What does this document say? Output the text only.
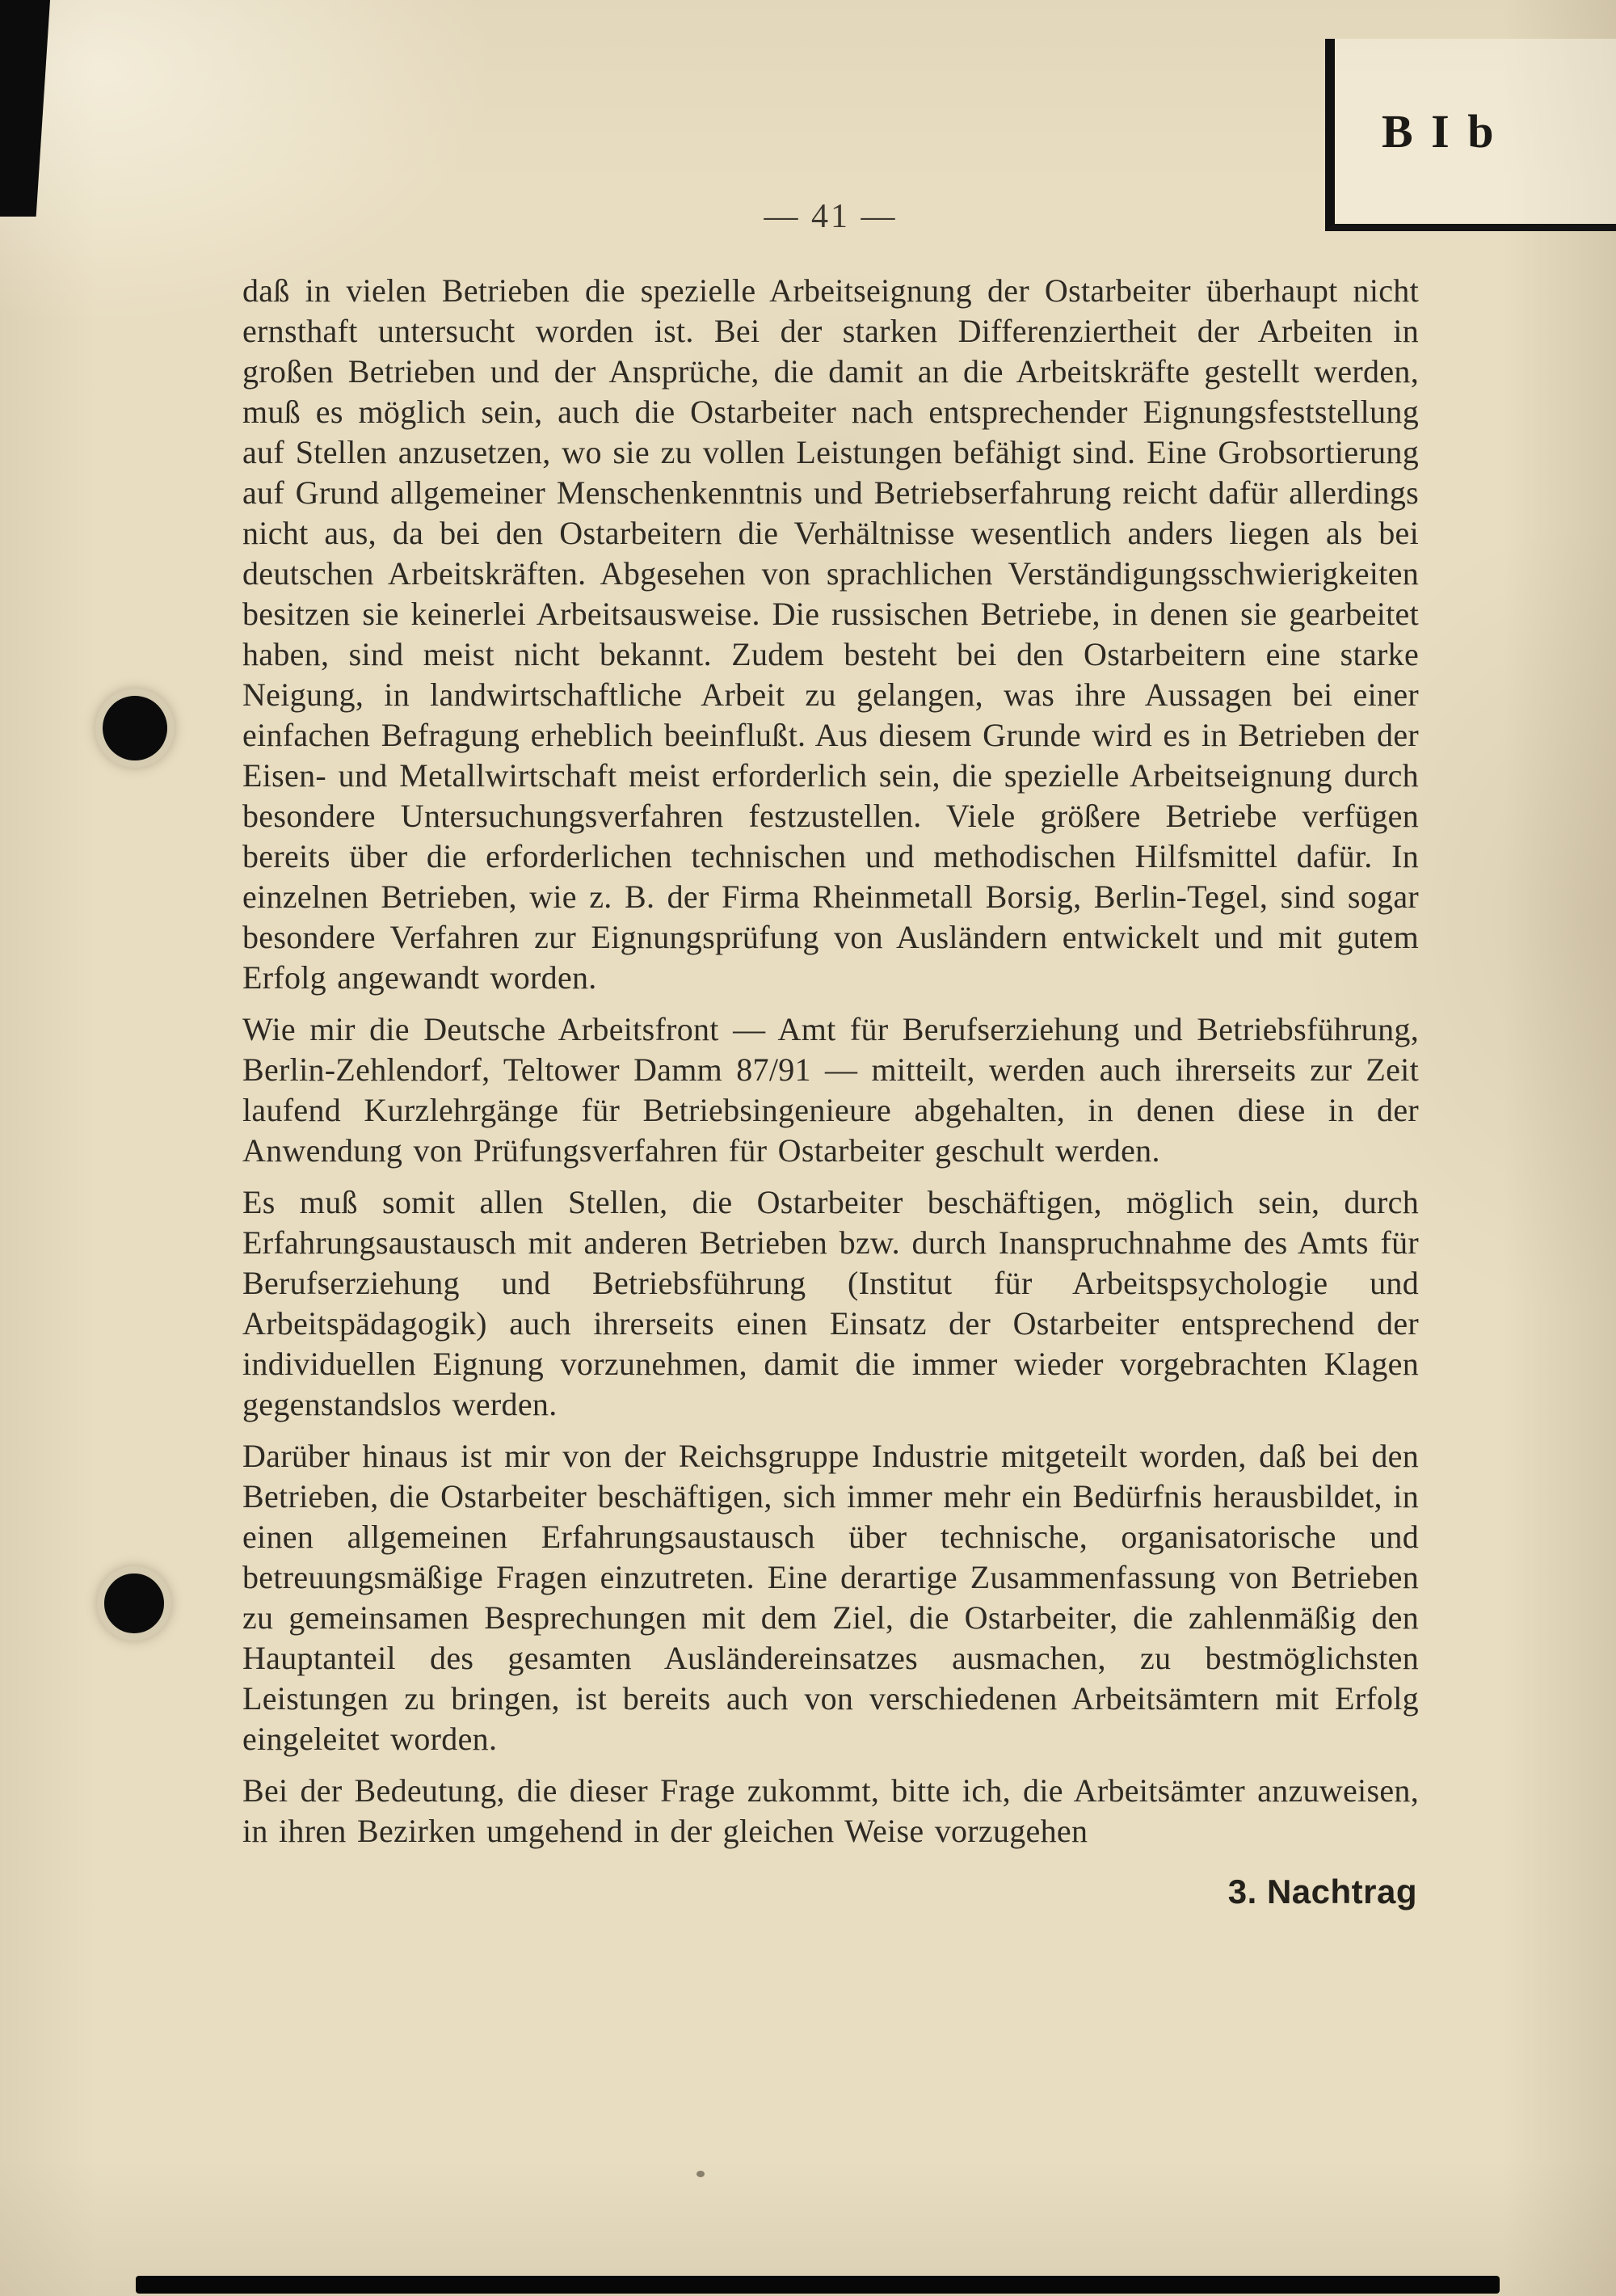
B I b
— 41 —

daß in vielen Betrieben die spezielle Arbeitseignung der Ostarbeiter überhaupt nicht ernsthaft untersucht worden ist. Bei der starken Differenziertheit der Arbeiten in großen Betrieben und der Ansprüche, die damit an die Arbeitskräfte gestellt werden, muß es möglich sein, auch die Ostarbeiter nach entsprechender Eignungsfeststellung auf Stellen anzusetzen, wo sie zu vollen Leistungen befähigt sind. Eine Grobsortierung auf Grund allgemeiner Menschenkenntnis und Betriebserfahrung reicht dafür allerdings nicht aus, da bei den Ostarbeitern die Verhältnisse wesentlich anders liegen als bei deutschen Arbeitskräften. Abgesehen von sprachlichen Verständigungsschwierigkeiten besitzen sie keinerlei Arbeitsausweise. Die russischen Betriebe, in denen sie gearbeitet haben, sind meist nicht bekannt. Zudem besteht bei den Ostarbeitern eine starke Neigung, in landwirtschaftliche Arbeit zu gelangen, was ihre Aussagen bei einer einfachen Befragung erheblich beeinflußt. Aus diesem Grunde wird es in Betrieben der Eisen- und Metallwirtschaft meist erforderlich sein, die spezielle Arbeitseignung durch besondere Untersuchungsverfahren festzustellen. Viele größere Betriebe verfügen bereits über die erforderlichen technischen und methodischen Hilfsmittel dafür. In einzelnen Betrieben, wie z. B. der Firma Rheinmetall Borsig, Berlin-Tegel, sind sogar besondere Verfahren zur Eignungsprüfung von Ausländern entwickelt und mit gutem Erfolg angewandt worden.

Wie mir die Deutsche Arbeitsfront — Amt für Berufserziehung und Betriebsführung, Berlin-Zehlendorf, Teltower Damm 87/91 — mitteilt, werden auch ihrerseits zur Zeit laufend Kurzlehrgänge für Betriebsingenieure abgehalten, in denen diese in der Anwendung von Prüfungsverfahren für Ostarbeiter geschult werden.

Es muß somit allen Stellen, die Ostarbeiter beschäftigen, möglich sein, durch Erfahrungsaustausch mit anderen Betrieben bzw. durch Inanspruchnahme des Amts für Berufserziehung und Betriebsführung (Institut für Arbeitspsychologie und Arbeitspädagogik) auch ihrerseits einen Einsatz der Ostarbeiter entsprechend der individuellen Eignung vorzunehmen, damit die immer wieder vorgebrachten Klagen gegenstandslos werden.

Darüber hinaus ist mir von der Reichsgruppe Industrie mitgeteilt worden, daß bei den Betrieben, die Ostarbeiter beschäftigen, sich immer mehr ein Bedürfnis herausbildet, in einen allgemeinen Erfahrungsaustausch über technische, organisatorische und betreuungsmäßige Fragen einzutreten. Eine derartige Zusammenfassung von Betrieben zu gemeinsamen Besprechungen mit dem Ziel, die Ostarbeiter, die zahlenmäßig den Hauptanteil des gesamten Ausländereinsatzes ausmachen, zu bestmöglichsten Leistungen zu bringen, ist bereits auch von verschiedenen Arbeitsämtern mit Erfolg eingeleitet worden.

Bei der Bedeutung, die dieser Frage zukommt, bitte ich, die Arbeitsämter anzuweisen, in ihren Bezirken umgehend in der gleichen Weise vorzugehen

3. Nachtrag
